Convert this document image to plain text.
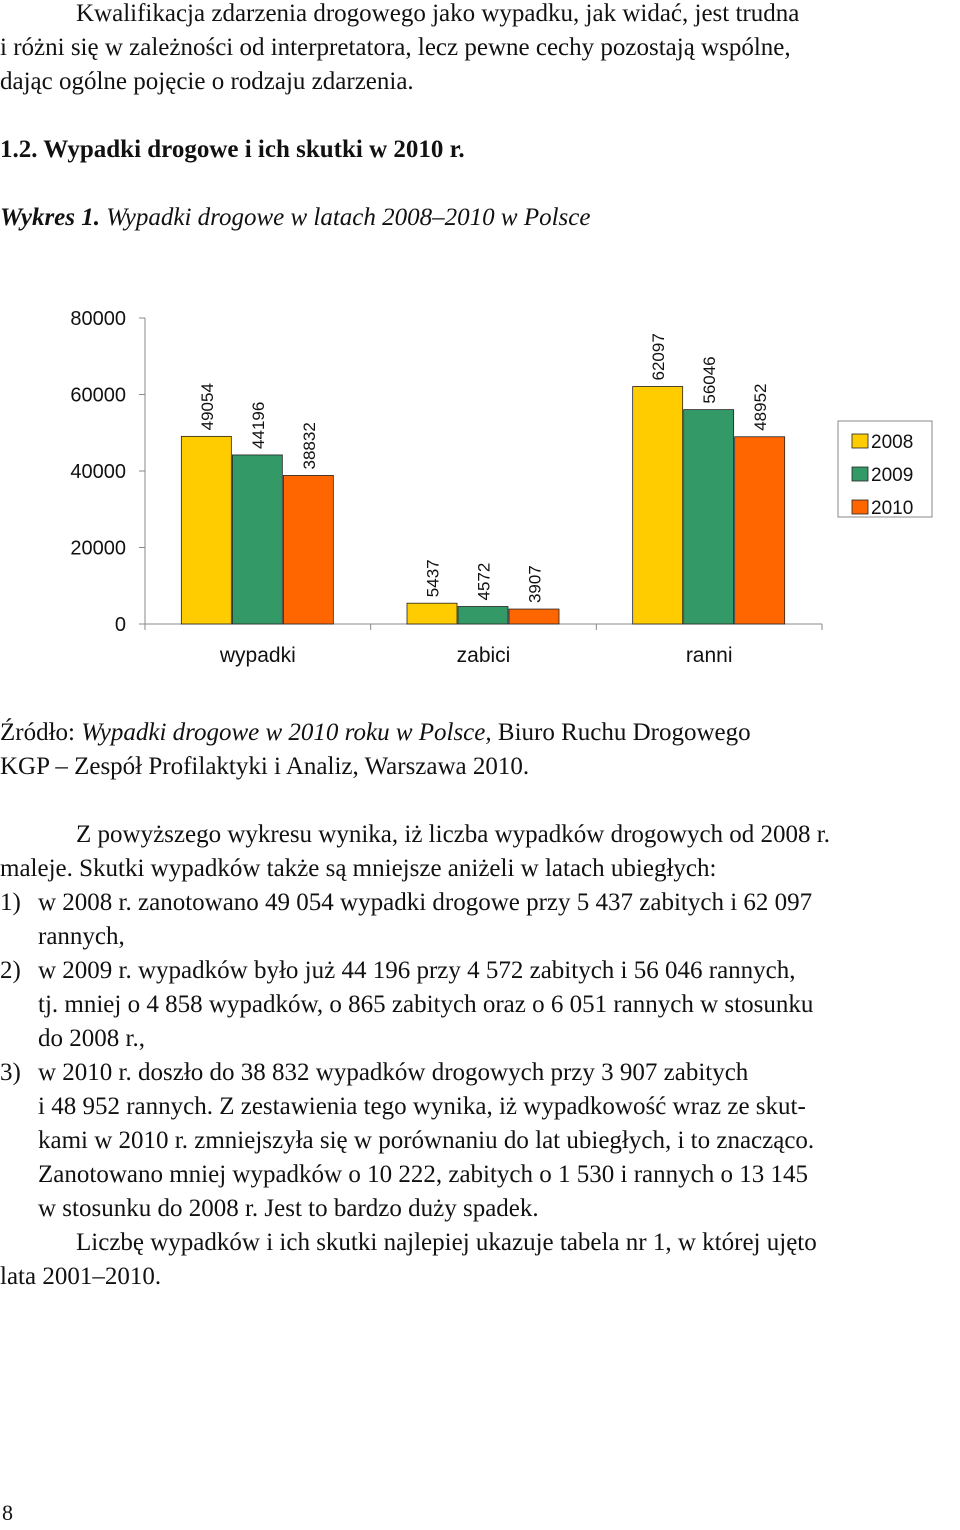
Kwalifikacja zdarzenia drogowego jako wypadku, jak widać, jest trudna
i różni się w zależności od interpretatora, lecz pewne cechy pozostają wspólne,
dając ogólne pojęcie o rodzaju zdarzenia.
1.2. Wypadki drogowe i ich skutki w 2010 r.
Wykres 1. Wypadki drogowe w latach 2008–2010 w Polsce
0
20000
40000
60000
80000
49054 44196 38832
wypadki
5437 4572 3907
zabici
62097 56046
48952
ranni
2008
2009
2010
Źródło: Wypadki drogowe w 2010 roku w Polsce, Biuro Ruchu Drogowego
KGP – Zespół Profilaktyki i Analiz, Warszawa 2010.
Z powyższego wykresu wynika, iż liczba wypadków drogowych od 2008 r.
maleje. Skutki wypadków także są mniejsze aniżeli w latach ubiegłych:
1) w 2008 r. zanotowano 49 054 wypadki drogowe przy 5 437 zabitych i 62 097
rannych,
2) w 2009 r. wypadków było już 44 196 przy 4 572 zabitych i 56 046 rannych,
tj. mniej o 4 858 wypadków, o 865 zabitych oraz o 6 051 rannych w stosunku
do 2008 r.,
3) w 2010 r. doszło do 38 832 wypadków drogowych przy 3 907 zabitych
i 48 952 rannych. Z zestawienia tego wynika, iż wypadkowość wraz ze skut-
kami w 2010 r. zmniejszyła się w porównaniu do lat ubiegłych, i to znacząco.
Zanotowano mniej wypadków o 10 222, zabitych o 1 530 i rannych o 13 145
w stosunku do 2008 r. Jest to bardzo duży spadek.
Liczbę wypadków i ich skutki najlepiej ukazuje tabela nr 1, w której ujęto
lata 2001–2010.
8
